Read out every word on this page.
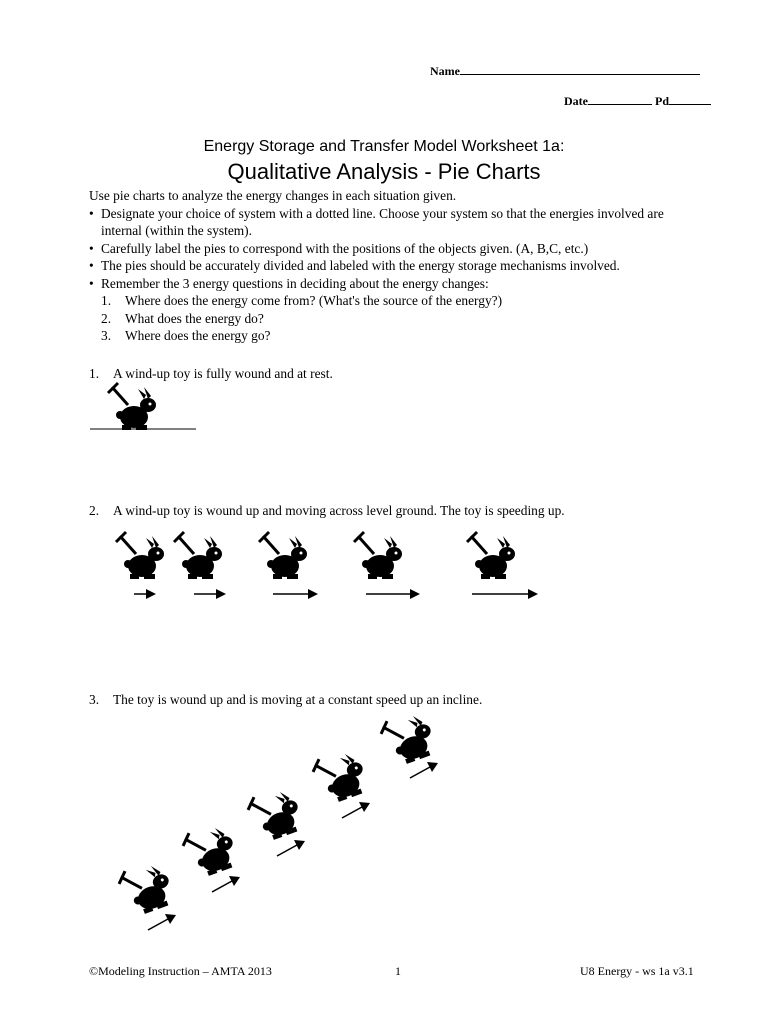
Name
Date	Pd
Energy Storage and Transfer Model Worksheet 1a:
Qualitative Analysis - Pie Charts
Use pie charts to analyze the energy changes in each situation given.
• Designate your choice of system with a dotted line. Choose your system so that the energies involved are internal (within the system).
• Carefully label the pies to correspond with the positions of the objects given. (A, B,C, etc.)
• The pies should be accurately divided and labeled with the energy storage mechanisms involved.
• Remember the 3 energy questions in deciding about the energy changes:
1.	Where does the energy come from? (What's the source of the energy?)
2.	What does the energy do?
3.	Where does the energy go?
1. A wind-up toy is fully wound and at rest.
2. A wind-up toy is wound up and moving across level ground. The toy is speeding up.
3. The toy is wound up and is moving at a constant speed up an incline.
©Modeling Instruction – AMTA 2013	1	U8 Energy - ws 1a v3.1
